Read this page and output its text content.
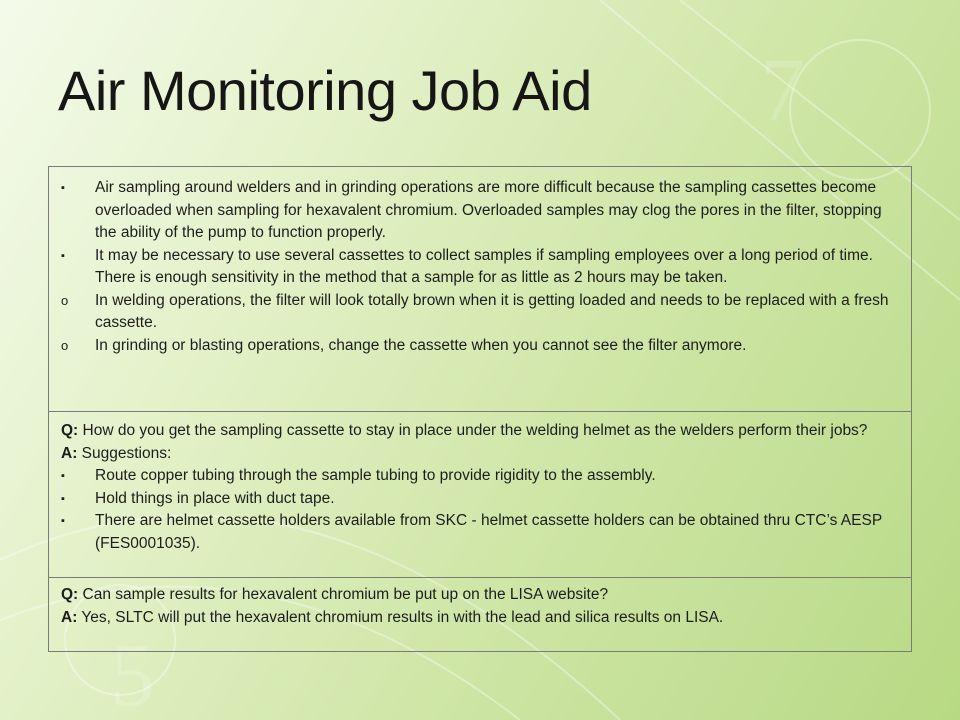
7
5
Air Monitoring Job Aid
▪	Air sampling around welders and in grinding operations are more difficult because the sampling cassettes become overloaded when sampling for hexavalent chromium. Overloaded samples may clog the pores in the filter, stopping the ability of the pump to function properly.
▪	It may be necessary to use several cassettes to collect samples if sampling employees over a long period of time. There is enough sensitivity in the method that a sample for as little as 2 hours may be taken.
o	In welding operations, the filter will look totally brown when it is getting loaded and needs to be replaced with a fresh cassette.
o	In grinding or blasting operations, change the cassette when you cannot see the filter anymore.
Q: How do you get the sampling cassette to stay in place under the welding helmet as the welders perform their jobs?
A: Suggestions:
▪	Route copper tubing through the sample tubing to provide rigidity to the assembly.
▪	Hold things in place with duct tape.
▪	There are helmet cassette holders available from SKC - helmet cassette holders can be obtained thru CTC’s AESP (FES0001035).
Q: Can sample results for hexavalent chromium be put up on the LISA website?
A: Yes, SLTC will put the hexavalent chromium results in with the lead and silica results on LISA.
